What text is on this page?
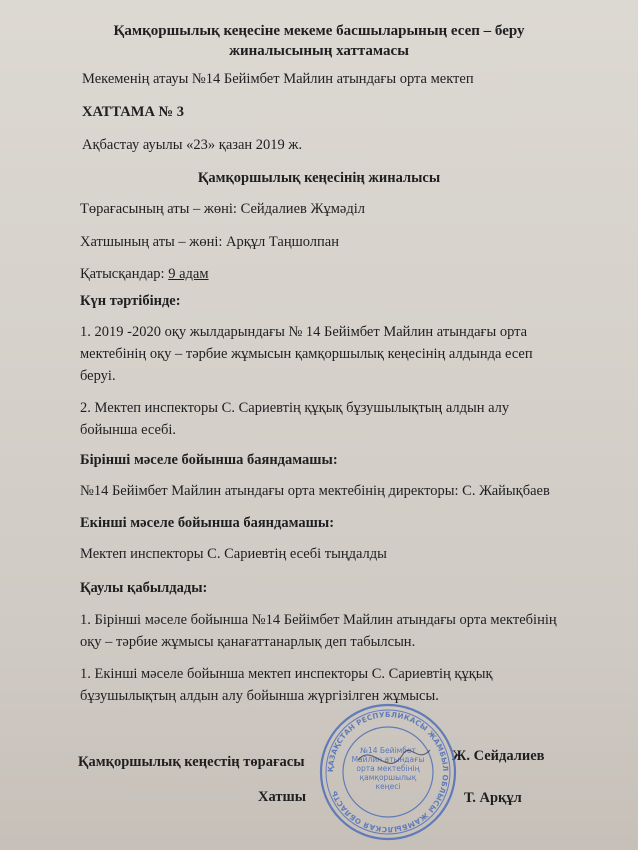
Қамқоршылық кеңесіне мекеме басшыларының есеп – беру
жиналысының хаттамасы
Мекеменің атауы №14 Бейімбет Майлин атындағы орта мектеп
ХАТТАМА № 3
Ақбастау ауылы «23» қазан 2019 ж.
Қамқоршылық кеңесінің жиналысы
Төрағасының аты – жөні: Сейдалиев Жұмәділ
Хатшының аты – жөні: Арқұл Таңшолпан
Қатысқандар: 9 адам
Күн тәртібінде:
1. 2019 -2020 оқу жылдарындағы № 14 Бейімбет Майлин атындағы орта
мектебінің оқу – тәрбие жұмысын қамқоршылық кеңесінің алдында есеп
беруі.
2. Мектеп инспекторы С. Сариевтің құқық бұзушылықтың алдын алу
бойынша есебі.
Бірінші мәселе бойынша баяндамашы:
№14 Бейімбет Майлин атындағы орта мектебінің директоры: С. Жайықбаев
Екінші мәселе бойынша баяндамашы:
Мектеп инспекторы С. Сариевтің есебі тыңдалды
Қаулы қабылдады:
1. Бірінші мәселе бойынша №14 Бейімбет Майлин атындағы орта мектебінің
оқу – тәрбие жұмысы қанағаттанарлық деп табылсын.
1. Екінші мәселе бойынша мектеп инспекторы С. Сариевтің құқық
бұзушылықтың алдын алу бойынша жүргізілген жұмысы.
Қамқоршылық кеңестің төрағасы	Ж. Сейдалиев
Хатшы	Т. Арқұл
ҚАЗАҚСТАН РЕСПУБЛИКАСЫ ЖАМБЫЛ ОБЛЫСЫ ЖАМБЫЛСКАЯ ОБЛАСТЬ
№14 Бейімбет Майлин атындағы орта мектебінің қамқоршылық кеңесі
